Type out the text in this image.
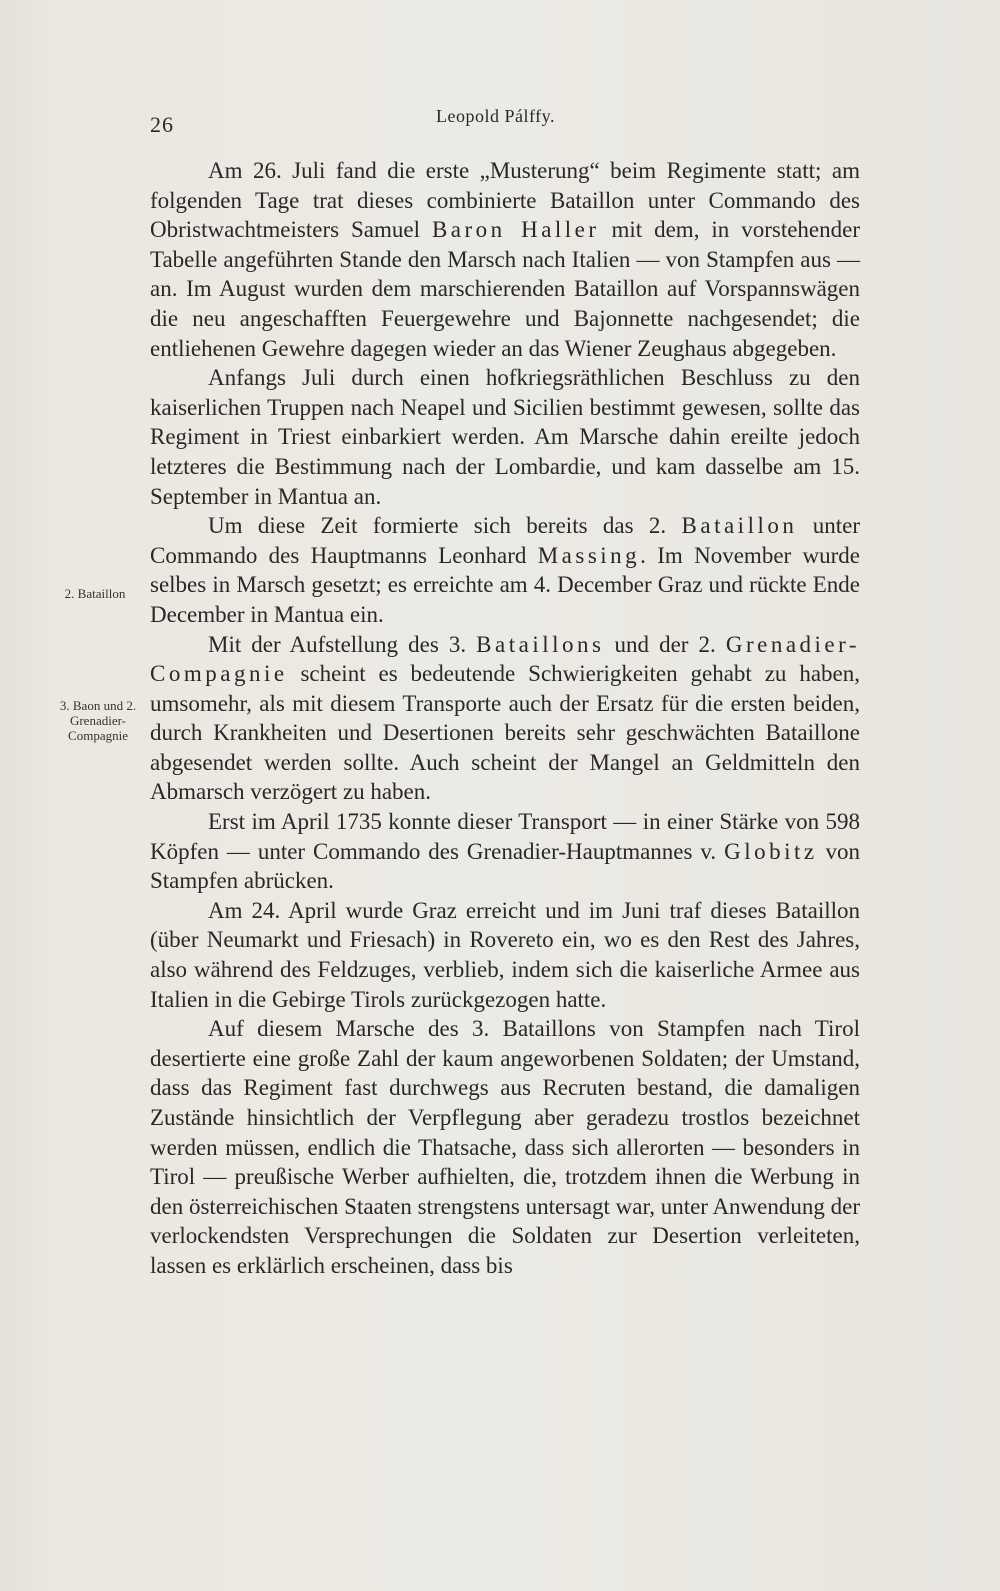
26	Leopold Pálffy.
2. Bataillon
3. Baon und 2. Grenadier-Compagnie

Am 26. Juli fand die erste „Musterung“ beim Regimente statt; am folgenden Tage trat dieses combinierte Bataillon unter Commando des Obristwachtmeisters Samuel Baron Haller mit dem, in vorstehender Tabelle angeführten Stande den Marsch nach Italien — von Stampfen aus — an. Im August wurden dem marschierenden Bataillon auf Vorspannswägen die neu angeschafften Feuergewehre und Bajonnette nachgesendet; die entliehenen Gewehre dagegen wieder an das Wiener Zeughaus abgegeben.

Anfangs Juli durch einen hofkriegsräthlichen Beschluss zu den kaiserlichen Truppen nach Neapel und Sicilien bestimmt gewesen, sollte das Regiment in Triest einbarkiert werden. Am Marsche dahin ereilte jedoch letzteres die Bestimmung nach der Lombardie, und kam dasselbe am 15. September in Mantua an.

Um diese Zeit formierte sich bereits das 2. Bataillon unter Commando des Hauptmanns Leonhard Massing. Im November wurde selbes in Marsch gesetzt; es erreichte am 4. December Graz und rückte Ende December in Mantua ein.

Mit der Aufstellung des 3. Bataillons und der 2. Grenadier-Compagnie scheint es bedeutende Schwierigkeiten gehabt zu haben, umsomehr, als mit diesem Transporte auch der Ersatz für die ersten beiden, durch Krankheiten und Desertionen bereits sehr geschwächten Bataillone abgesendet werden sollte. Auch scheint der Mangel an Geldmitteln den Abmarsch verzögert zu haben.

Erst im April 1735 konnte dieser Transport — in einer Stärke von 598 Köpfen — unter Commando des Grenadier-Hauptmannes v. Globitz von Stampfen abrücken.

Am 24. April wurde Graz erreicht und im Juni traf dieses Bataillon (über Neumarkt und Friesach) in Rovereto ein, wo es den Rest des Jahres, also während des Feldzuges, verblieb, indem sich die kaiserliche Armee aus Italien in die Gebirge Tirols zurückgezogen hatte.

Auf diesem Marsche des 3. Bataillons von Stampfen nach Tirol desertierte eine große Zahl der kaum angeworbenen Soldaten; der Umstand, dass das Regiment fast durchwegs aus Recruten bestand, die damaligen Zustände hinsichtlich der Verpflegung aber geradezu trostlos bezeichnet werden müssen, endlich die Thatsache, dass sich allerorten — besonders in Tirol — preußische Werber aufhielten, die, trotzdem ihnen die Werbung in den österreichischen Staaten strengstens untersagt war, unter Anwendung der verlockendsten Versprechungen die Soldaten zur Desertion verleiteten, lassen es erklärlich erscheinen, dass bis
